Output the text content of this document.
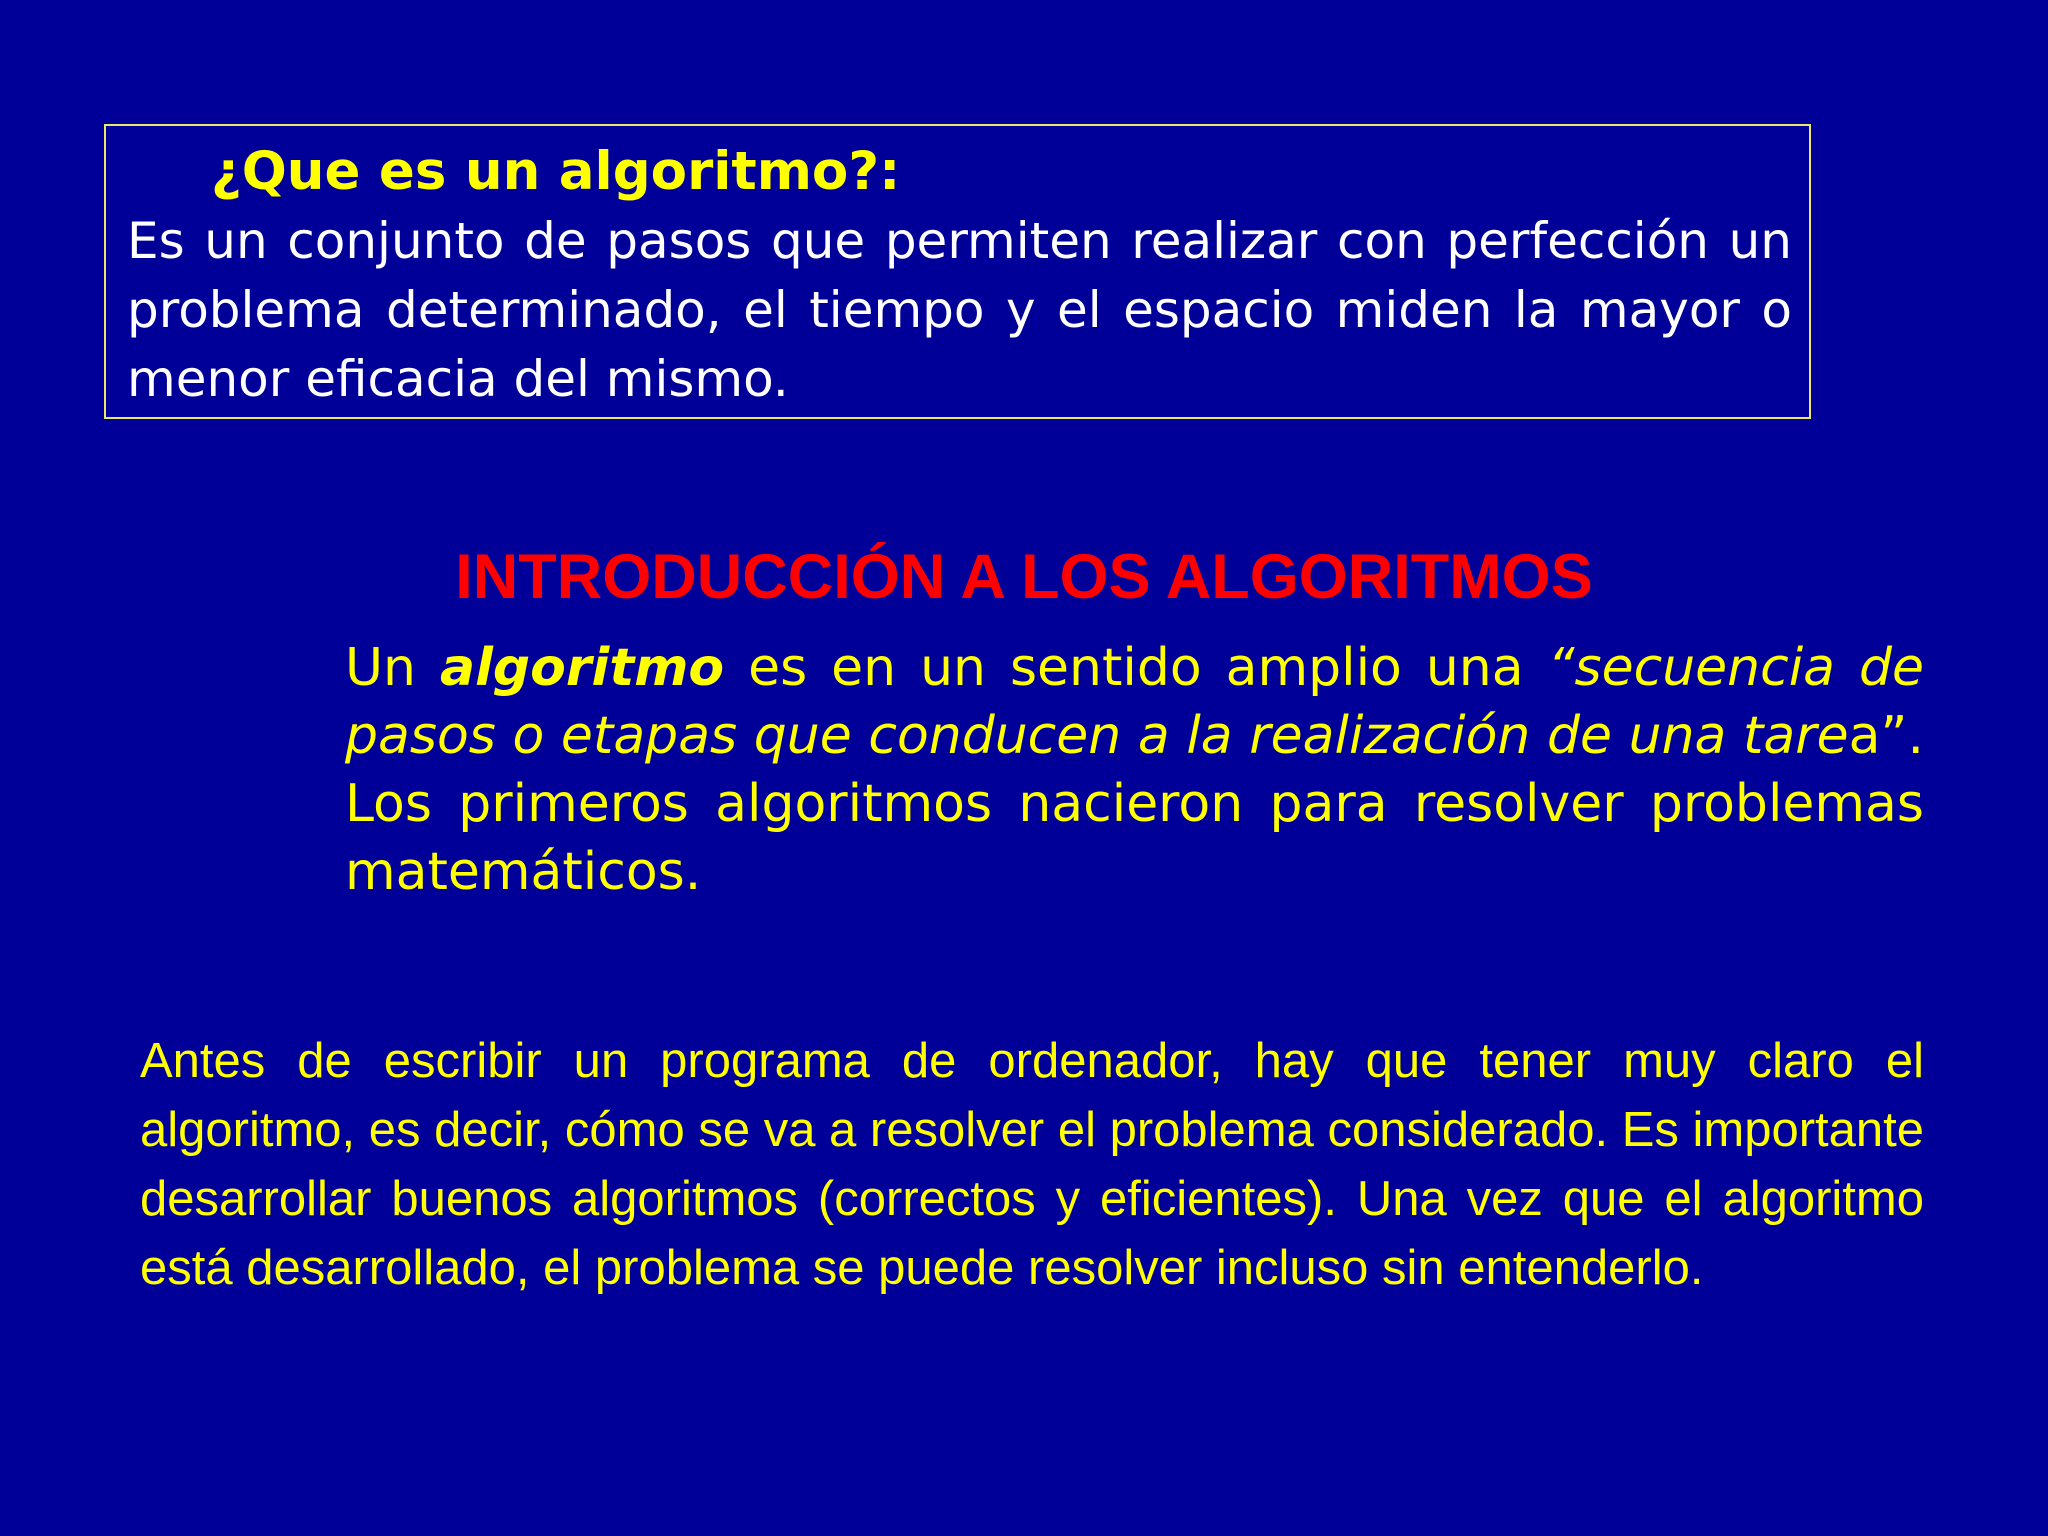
¿Que es un algoritmo?:

Es un conjunto de pasos que permiten realizar con perfección un problema determinado, el tiempo y el espacio miden la mayor o menor eficacia del mismo.

INTRODUCCIÓN A LOS ALGORITMOS

Un algoritmo es en un sentido amplio una “secuencia de pasos o etapas que conducen a la realización de una tarea”. Los primeros algoritmos nacieron para resolver problemas matemáticos.

Antes de escribir un programa de ordenador, hay que tener muy claro el algoritmo, es decir, cómo se va a resolver el problema considerado. Es importante desarrollar buenos algoritmos (correctos y eficientes). Una vez que el algoritmo está desarrollado, el problema se puede resolver incluso sin entenderlo.
